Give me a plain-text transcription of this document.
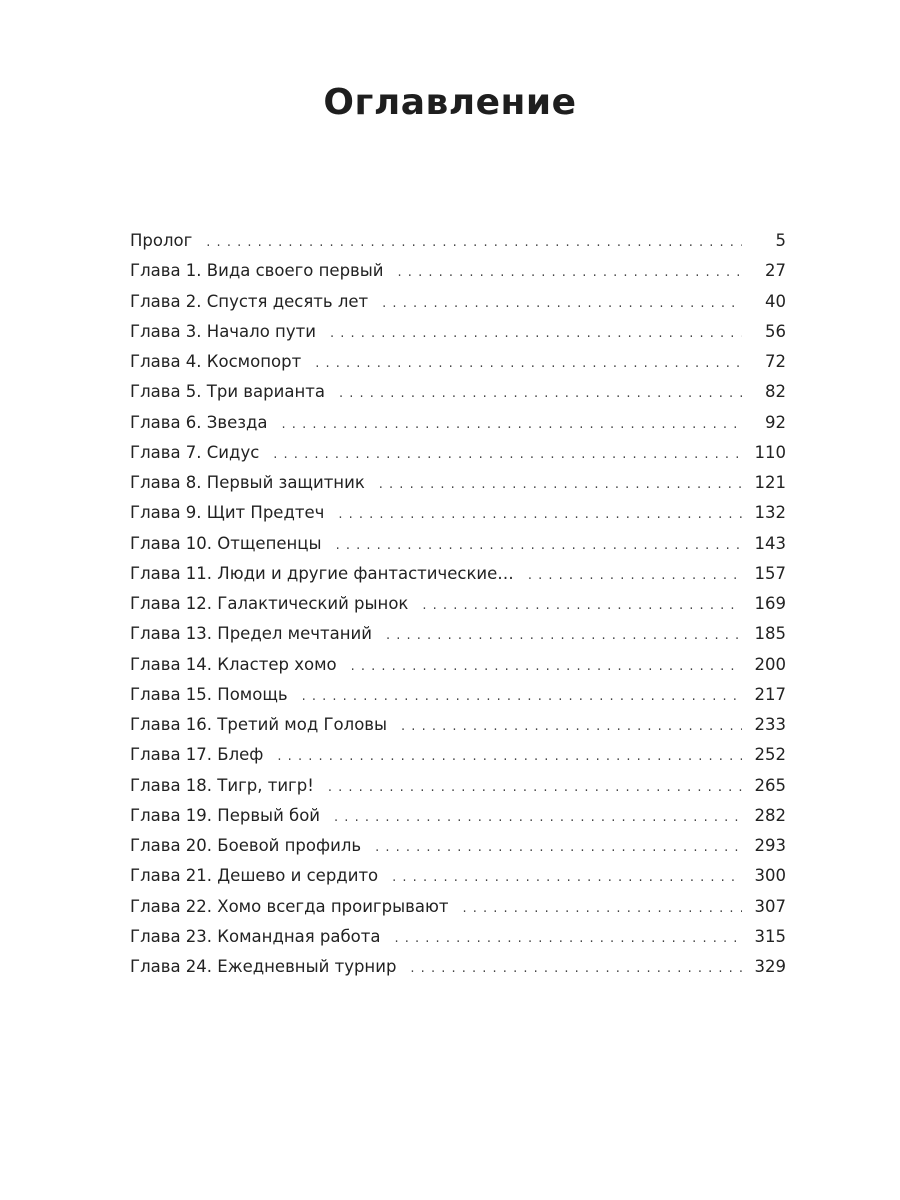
Оглавление
Пролог . . .	5
Глава 1. Вида своего первый . . .	27
Глава 2. Спустя десять лет . . .	40
Глава 3. Начало пути . . .	56
Глава 4. Космопорт . . .	72
Глава 5. Три варианта . . .	82
Глава 6. Звезда . . .	92
Глава 7. Сидус . . .	110
Глава 8. Первый защитник . . .	121
Глава 9. Щит Предтеч . . .	132
Глава 10. Отщепенцы . . .	143
Глава 11. Люди и другие фантастические… . . .	157
Глава 12. Галактический рынок . . .	169
Глава 13. Предел мечтаний . . .	185
Глава 14. Кластер хомо . . .	200
Глава 15. Помощь . . .	217
Глава 16. Третий мод Головы . . .	233
Глава 17. Блеф . . .	252
Глава 18. Тигр, тигр! . . .	265
Глава 19. Первый бой . . .	282
Глава 20. Боевой профиль . . .	293
Глава 21. Дешево и сердито . . .	300
Глава 22. Хомо всегда проигрывают . . .	307
Глава 23. Командная работа . . .	315
Глава 24. Ежедневный турнир . . .	329
